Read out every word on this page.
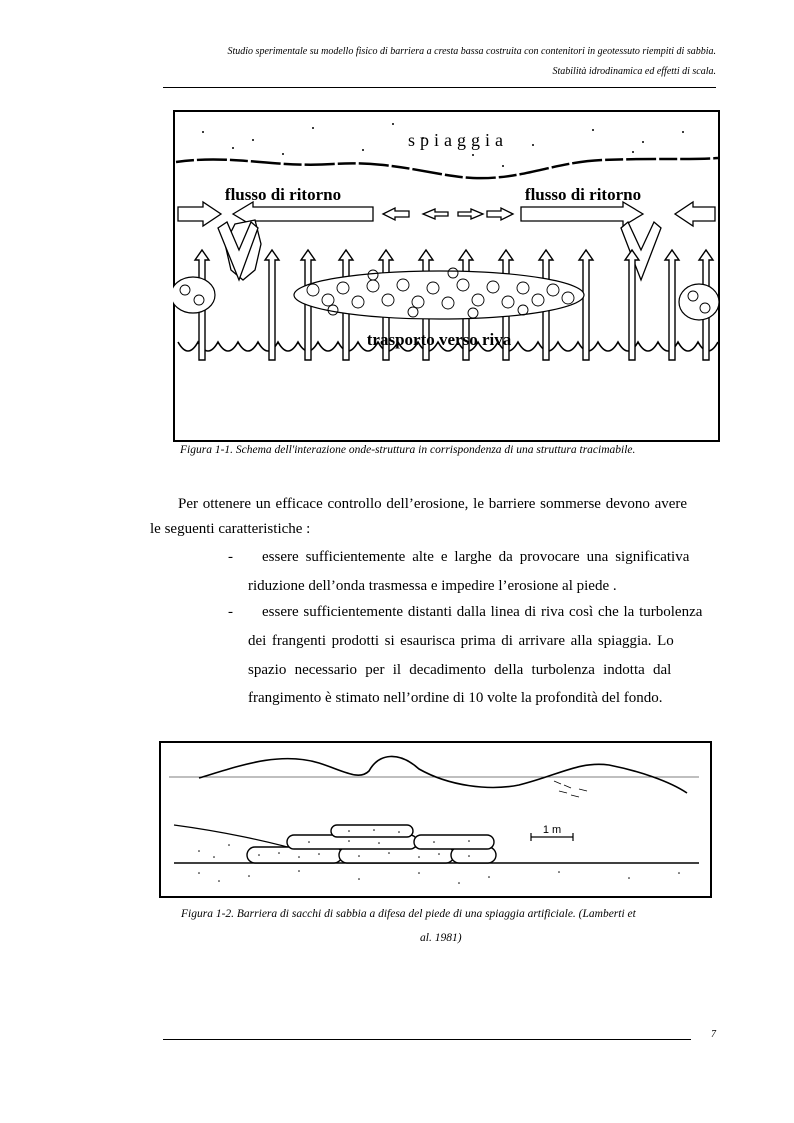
Studio sperimentale su modello fisico di barriera a cresta bassa costruita con contenitori in geotessuto riempiti di sabbia.
Stabilità idrodinamica ed effetti di scala.
spiaggia
flusso di ritorno	flusso di ritorno
trasporto verso riva
Figura 1-1. Schema dell'interazione onde-struttura in corrispondenza di una struttura tracimabile.
Per ottenere un efficace controllo dell’erosione, le barriere sommerse devono avere
le seguenti caratteristiche :
- essere sufficientemente alte e larghe da provocare una significativa
riduzione dell’onda trasmessa e impedire l’erosione al piede .
- essere sufficientemente distanti dalla linea di riva così che la turbolenza
dei frangenti prodotti si esaurisca prima di arrivare alla spiaggia. Lo
spazio necessario per il decadimento della turbolenza indotta dal
frangimento è stimato nell’ordine di 10 volte la profondità del fondo.
1 m
Figura 1-2. Barriera di sacchi di sabbia a difesa del piede di una spiaggia artificiale. (Lamberti et
al. 1981)
7
